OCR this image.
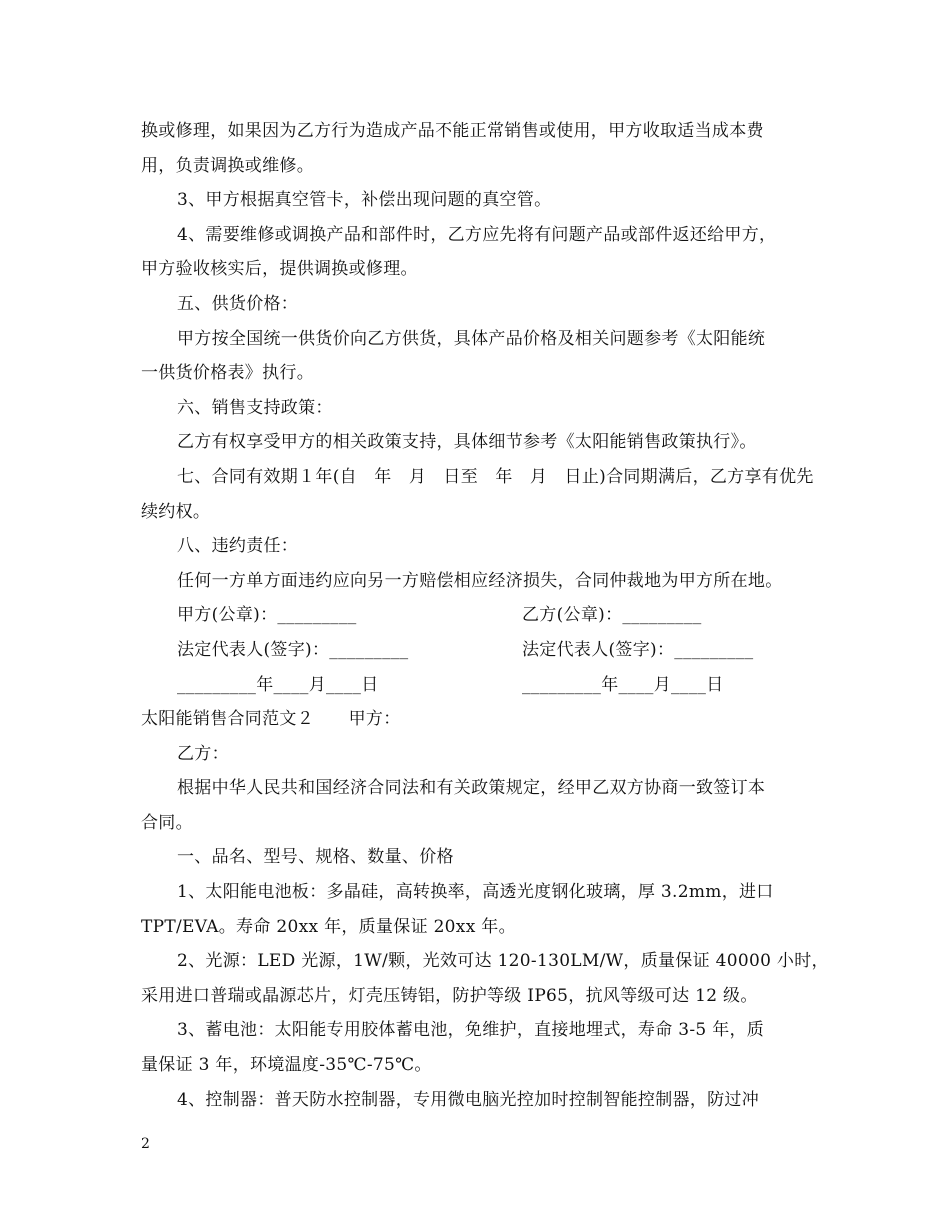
换或修理，如果因为乙方行为造成产品不能正常销售或使用，甲方收取适当成本费
用，负责调换或维修。
3、甲方根据真空管卡，补偿出现问题的真空管。
4、需要维修或调换产品和部件时，乙方应先将有问题产品或部件返还给甲方，
甲方验收核实后，提供调换或修理。
五、供货价格：
甲方按全国统一供货价向乙方供货，具体产品价格及相关问题参考《太阳能统
一供货价格表》执行。
六、销售支持政策：
乙方有权享受甲方的相关政策支持，具体细节参考《太阳能销售政策执行》。
七、合同有效期１年(自　年　月　日至　年　月　日止)合同期满后，乙方享有优先
续约权。
八、违约责任：
任何一方单方面违约应向另一方赔偿相应经济损失，合同仲裁地为甲方所在地。
甲方(公章)：_________	乙方(公章)：_________
法定代表人(签字)：_________	法定代表人(签字)：_________
_________年____月____日	_________年____月____日
太阳能销售合同范文２　　甲方：
乙方：
根据中华人民共和国经济合同法和有关政策规定，经甲乙双方协商一致签订本
合同。
一、品名、型号、规格、数量、价格
1、太阳能电池板：多晶硅，高转换率，高透光度钢化玻璃，厚 3.2mm，进口
TPT/EVA。寿命 20xx 年，质量保证 20xx 年。
2、光源：LED 光源，1W/颗，光效可达 120-130LM/W，质量保证 40000 小时，
采用进口普瑞或晶源芯片，灯壳压铸铝，防护等级 IP65，抗风等级可达 12 级。
3、蓄电池：太阳能专用胶体蓄电池，免维护，直接地埋式，寿命 3-5 年，质
量保证 3 年，环境温度-35℃-75℃。
4、控制器：普天防水控制器，专用微电脑光控加时控制智能控制器，防过冲
2
